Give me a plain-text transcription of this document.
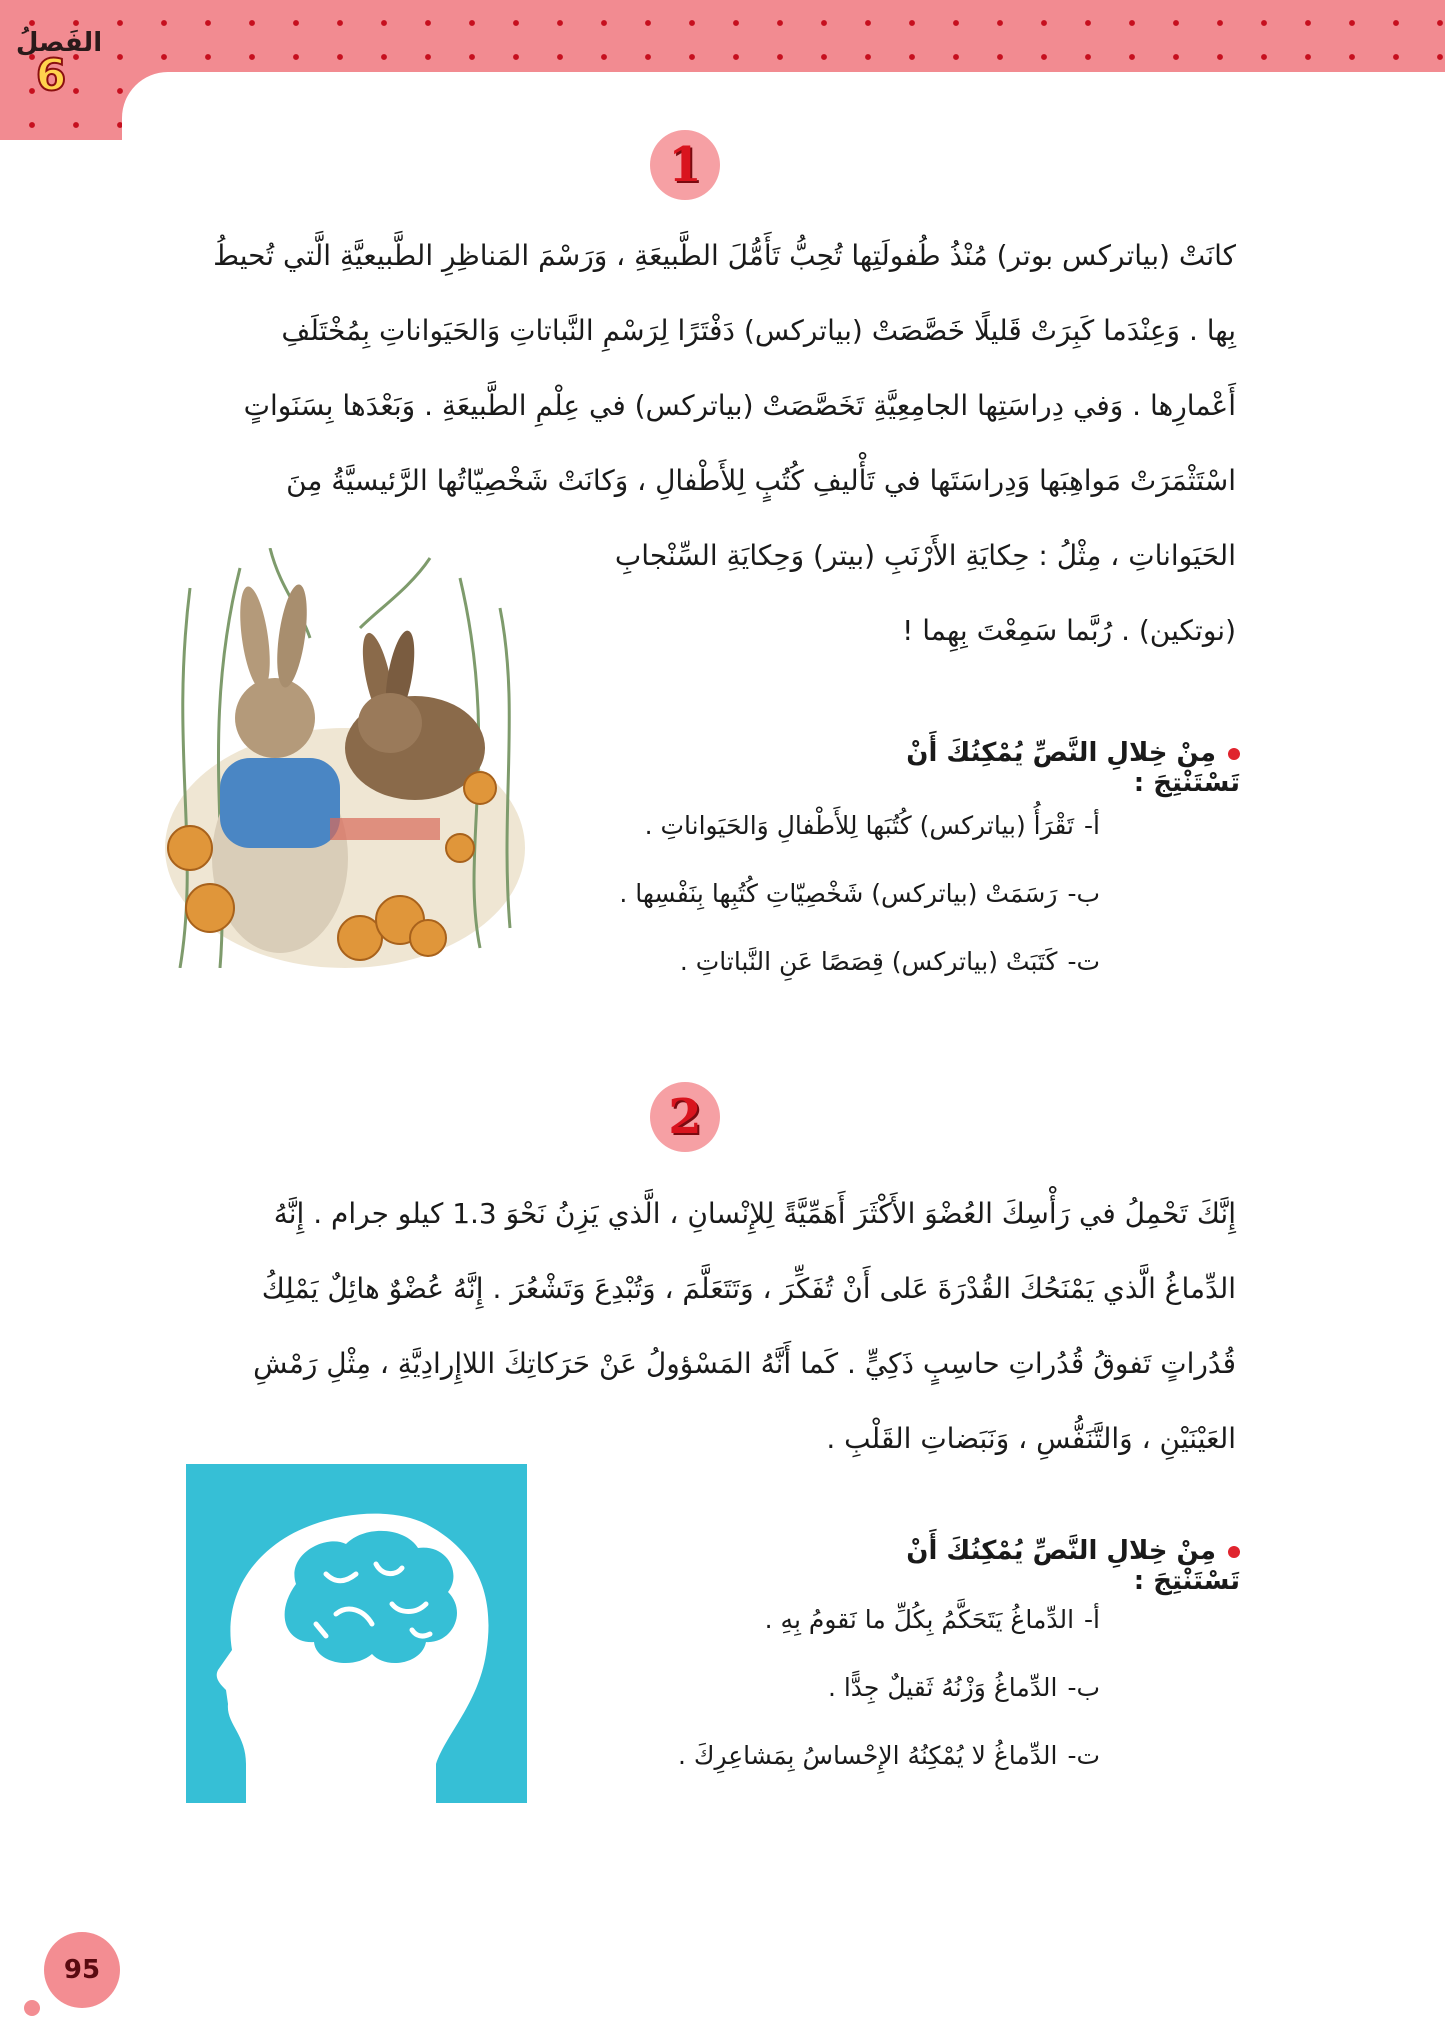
الفَصلُ
6
1
كانَتْ (بياتركس بوتر) مُنْذُ طُفولَتِها تُحِبُّ تَأَمُّلَ الطَّبيعَةِ ، وَرَسْمَ المَناظِرِ الطَّبيعيَّةِ الَّتي تُحيطُ
بِها . وَعِنْدَما كَبِرَتْ قَليلًا خَصَّصَتْ (بياتركس) دَفْتَرًا لِرَسْمِ النَّباتاتِ وَالحَيَواناتِ بِمُخْتَلَفِ
أَعْمارِها . وَفي دِراسَتِها الجامِعِيَّةِ تَخَصَّصَتْ (بياتركس) في عِلْمِ الطَّبيعَةِ . وَبَعْدَها بِسَنَواتٍ
اسْتَثْمَرَتْ مَواهِبَها وَدِراسَتَها في تَأْليفِ كُتُبٍ لِلأَطْفالِ ، وَكانَتْ شَخْصِيّاتُها الرَّئيسيَّةُ مِنَ
الحَيَواناتِ ، مِثْلُ : حِكايَةِ الأَرْنَبِ (بيتر) وَحِكايَةِ السِّنْجابِ
(نوتكين) . رُبَّما سَمِعْتَ بِهِما !
مِنْ خِلالِ النَّصِّ يُمْكِنُكَ أَنْ تَسْتَنْتِجَ :
أ-تَقْرَأُ (بياتركس) كُتُبَها لِلأَطْفالِ وَالحَيَواناتِ .
ب-رَسَمَتْ (بياتركس) شَخْصِيّاتِ كُتُبِها بِنَفْسِها .
ت-كَتَبَتْ (بياتركس) قِصَصًا عَنِ النَّباتاتِ .
2
إِنَّكَ تَحْمِلُ في رَأْسِكَ العُضْوَ الأَكْثَرَ أَهَمِّيَّةً لِلإِنْسانِ ، الَّذي يَزِنُ نَحْوَ 1.3 كيلو جرام . إِنَّهُ
الدِّماغُ الَّذي يَمْنَحُكَ القُدْرَةَ عَلى أَنْ تُفَكِّرَ ، وَتَتَعَلَّمَ ، وَتُبْدِعَ وَتَشْعُرَ . إِنَّهُ عُضْوٌ هائِلٌ يَمْلِكُ
قُدُراتٍ تَفوقُ قُدُراتِ حاسِبٍ ذَكِيٍّ . كَما أَنَّهُ المَسْؤولُ عَنْ حَرَكاتِكَ اللاإِرادِيَّةِ ، مِثْلِ رَمْشِ
العَيْنَيْنِ ، وَالتَّنَفُّسِ ، وَنَبَضاتِ القَلْبِ .
مِنْ خِلالِ النَّصِّ يُمْكِنُكَ أَنْ تَسْتَنْتِجَ :
أ-الدِّماغُ يَتَحَكَّمُ بِكُلِّ ما نَقومُ بِهِ .
ب-الدِّماغُ وَزْنُهُ ثَقيلٌ جِدًّا .
ت-الدِّماغُ لا يُمْكِنُهُ الإِحْساسُ بِمَشاعِرِكَ .
95
